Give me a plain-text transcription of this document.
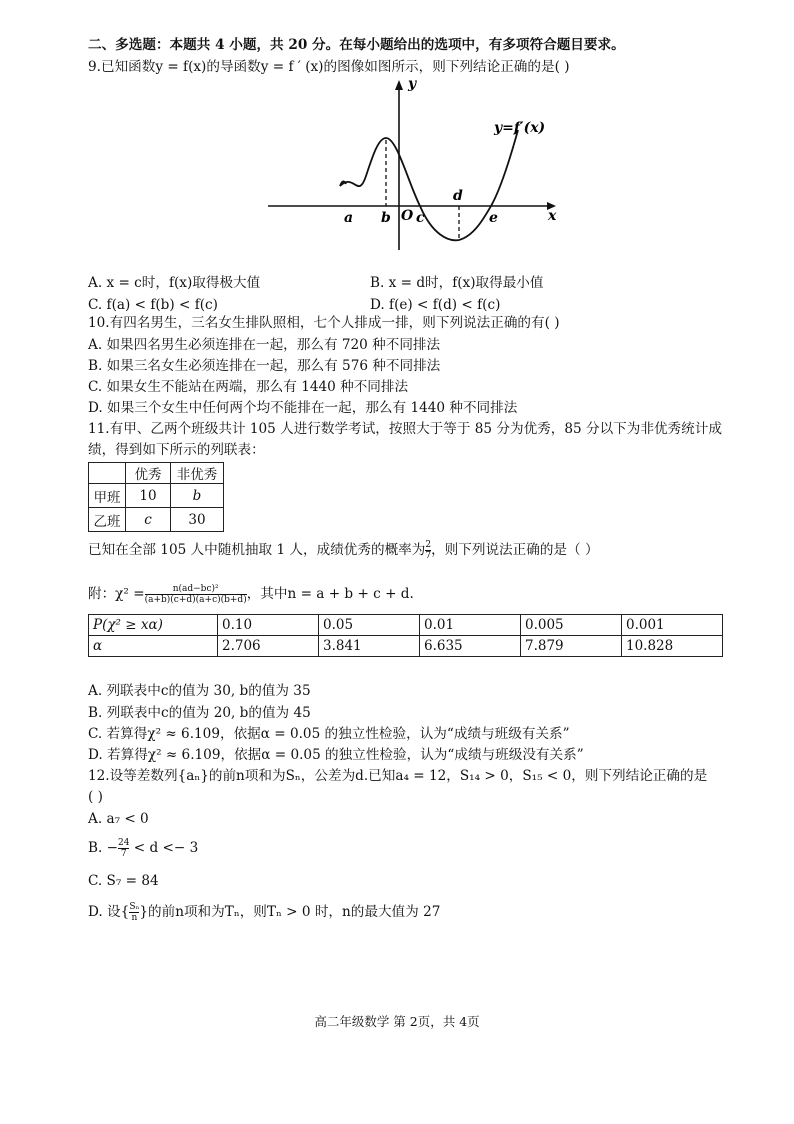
二、多选题：本题共 4 小题，共 20 分。在每小题给出的选项中，有多项符合题目要求。
9.已知函数y = f(x)的导函数y = f ′ (x)的图像如图所示，则下列结论正确的是( )
y
x
y=f′(x)
a b O c
d
e
A. x = c时，f(x)取得极大值	B. x = d时，f(x)取得最小值
C. f(a) < f(b) < f(c)	D. f(e) < f(d) < f(c)
10.有四名男生，三名女生排队照相，七个人排成一排，则下列说法正确的有( )
A. 如果四名男生必须连排在一起，那么有 720 种不同排法
B. 如果三名女生必须连排在一起，那么有 576 种不同排法
C. 如果女生不能站在两端，那么有 1440 种不同排法
D. 如果三个女生中任何两个均不能排在一起，那么有 1440 种不同排法
11.有甲、乙两个班级共计 105 人进行数学考试，按照大于等于 85 分为优秀，85 分以下为非优秀统计成
绩，得到如下所示的列联表：
	优秀	非优秀
甲班	10	b
乙班	c	30
已知在全部 105 人中随机抽取 1 人，成绩优秀的概率为 $\frac{2}{7}$ ，则下列说法正确的是（ ）
附：$\chi^2 = \frac{\text{n(ad−bc)²}}{(a+b)(c+d)(a+c)(b+d)}$ ，其中n = a + b + c + d.
P(χ² ≥ xα)	0.10	0.05	0.01	0.005	0.001
α	2.706	3.841	6.635	7.879	10.828
A. 列联表中c的值为 30, b的值为 35
B. 列联表中c的值为 20, b的值为 45
C. 若算得χ² ≈ 6.109，依据α = 0.05 的独立性检验，认为“成绩与班级有关系”
D. 若算得χ² ≈ 6.109，依据α = 0.05 的独立性检验，认为“成绩与班级没有关系”
12.设等差数列{aₙ}的前n项和为Sₙ，公差为d.已知a₄ = 12，S₁₄ > 0，S₁₅ < 0，则下列结论正确的是
( )
A. a₇ < 0
B. − $\frac{24}{7} < d <- 3$
C. S₇ = 84
D. 设{ $\frac{\text{Sₙ}}{n}$ }的前n项和为Tₙ，则Tₙ > 0 时，n的最大值为 27
高二年级数学 第 2页，共 4页
